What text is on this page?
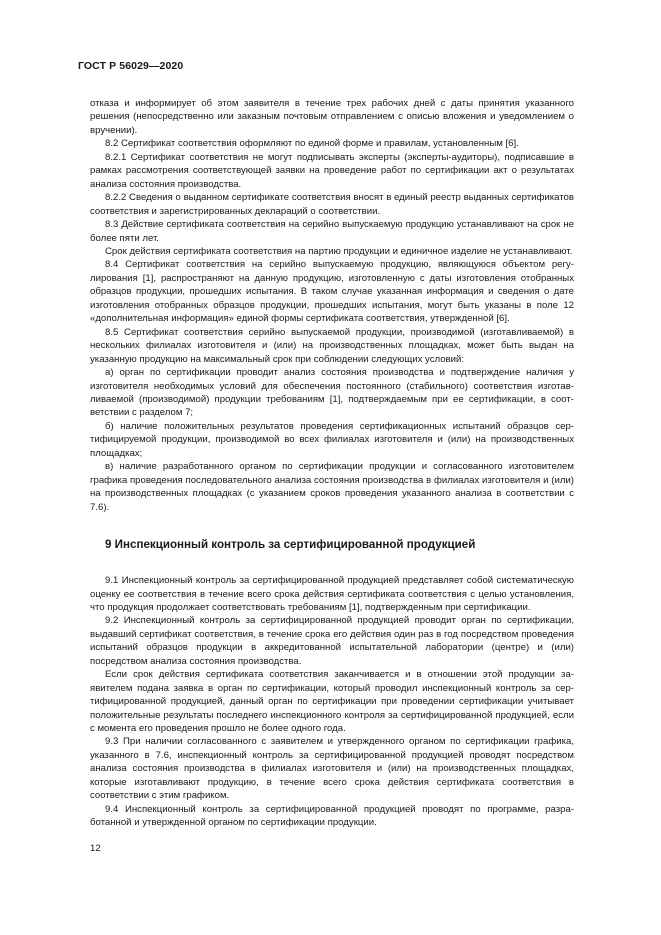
ГОСТ Р 56029—2020

отказа и информирует об этом заявителя в течение трех рабочих дней с даты принятия указанного решения (непосредственно или заказным почтовым отправлением с описью вложения и уведомлением о вручении).

8.2 Сертификат соответствия оформляют по единой форме и правилам, установленным [6].

8.2.1 Сертификат соответствия не могут подписывать эксперты (эксперты-аудиторы), подписавшие в рамках рассмотрения соответствующей заявки на проведение работ по сертификации акт о результатах анализа состояния производства.

8.2.2 Сведения о выданном сертификате соответствия вносят в единый реестр выданных сертификатов соответствия и зарегистрированных деклараций о соответствии.

8.3 Действие сертификата соответствия на серийно выпускаемую продукцию устанавливают на срок не более пяти лет.

Срок действия сертификата соответствия на партию продукции и единичное изделие не устанавливают.

8.4 Сертификат соответствия на серийно выпускаемую продукцию, являющуюся объектом регулирования [1], распространяют на данную продукцию, изготовленную с даты изготовления отобранных образцов продукции, прошедших испытания. В таком случае указанная информация и сведения о дате изготовления отобранных образцов продукции, прошедших испытания, могут быть указаны в поле 12 «дополнительная информация» единой формы сертификата соответствия, утвержденной [6].

8.5 Сертификат соответствия серийно выпускаемой продукции, производимой (изготавливаемой) в нескольких филиалах изготовителя и (или) на производственных площадках, может быть выдан на указанную продукцию на максимальный срок при соблюдении следующих условий:

а) орган по сертификации проводит анализ состояния производства и подтверждение наличия у изготовителя необходимых условий для обеспечения постоянного (стабильного) соответствия изготавливаемой (производимой) продукции требованиям [1], подтверждаемым при ее сертификации, в соответствии с разделом 7;

б) наличие положительных результатов проведения сертификационных испытаний образцов сертифицируемой продукции, производимой во всех филиалах изготовителя и (или) на производственных площадках;

в) наличие разработанного органом по сертификации продукции и согласованного изготовителем графика проведения последовательного анализа состояния производства в филиалах изготовителя и (или) на производственных площадках (с указанием сроков проведения указанного анализа в соответствии с 7.6).

9 Инспекционный контроль за сертифицированной продукцией

9.1 Инспекционный контроль за сертифицированной продукцией представляет собой систематическую оценку ее соответствия в течение всего срока действия сертификата соответствия с целью установления, что продукция продолжает соответствовать требованиям [1], подтвержденным при сертификации.

9.2 Инспекционный контроль за сертифицированной продукцией проводит орган по сертификации, выдавший сертификат соответствия, в течение срока его действия один раз в год посредством проведения испытаний образцов продукции в аккредитованной испытательной лаборатории (центре) и (или) посредством анализа состояния производства.

Если срок действия сертификата соответствия заканчивается и в отношении этой продукции заявителем подана заявка в орган по сертификации, который проводил инспекционный контроль за сертифицированной продукцией, данный орган по сертификации при проведении сертификации учитывает положительные результаты последнего инспекционного контроля за сертифицированной продукцией, если с момента его проведения прошло не более одного года.

9.3 При наличии согласованного с заявителем и утвержденного органом по сертификации графика, указанного в 7.6, инспекционный контроль за сертифицированной продукцией проводят посредством анализа состояния производства в филиалах изготовителя и (или) на производственных площадках, которые изготавливают продукцию, в течение всего срока действия сертификата соответствия в соответствии с этим графиком.

9.4 Инспекционный контроль за сертифицированной продукцией проводят по программе, разработанной и утвержденной органом по сертификации продукции.

12
